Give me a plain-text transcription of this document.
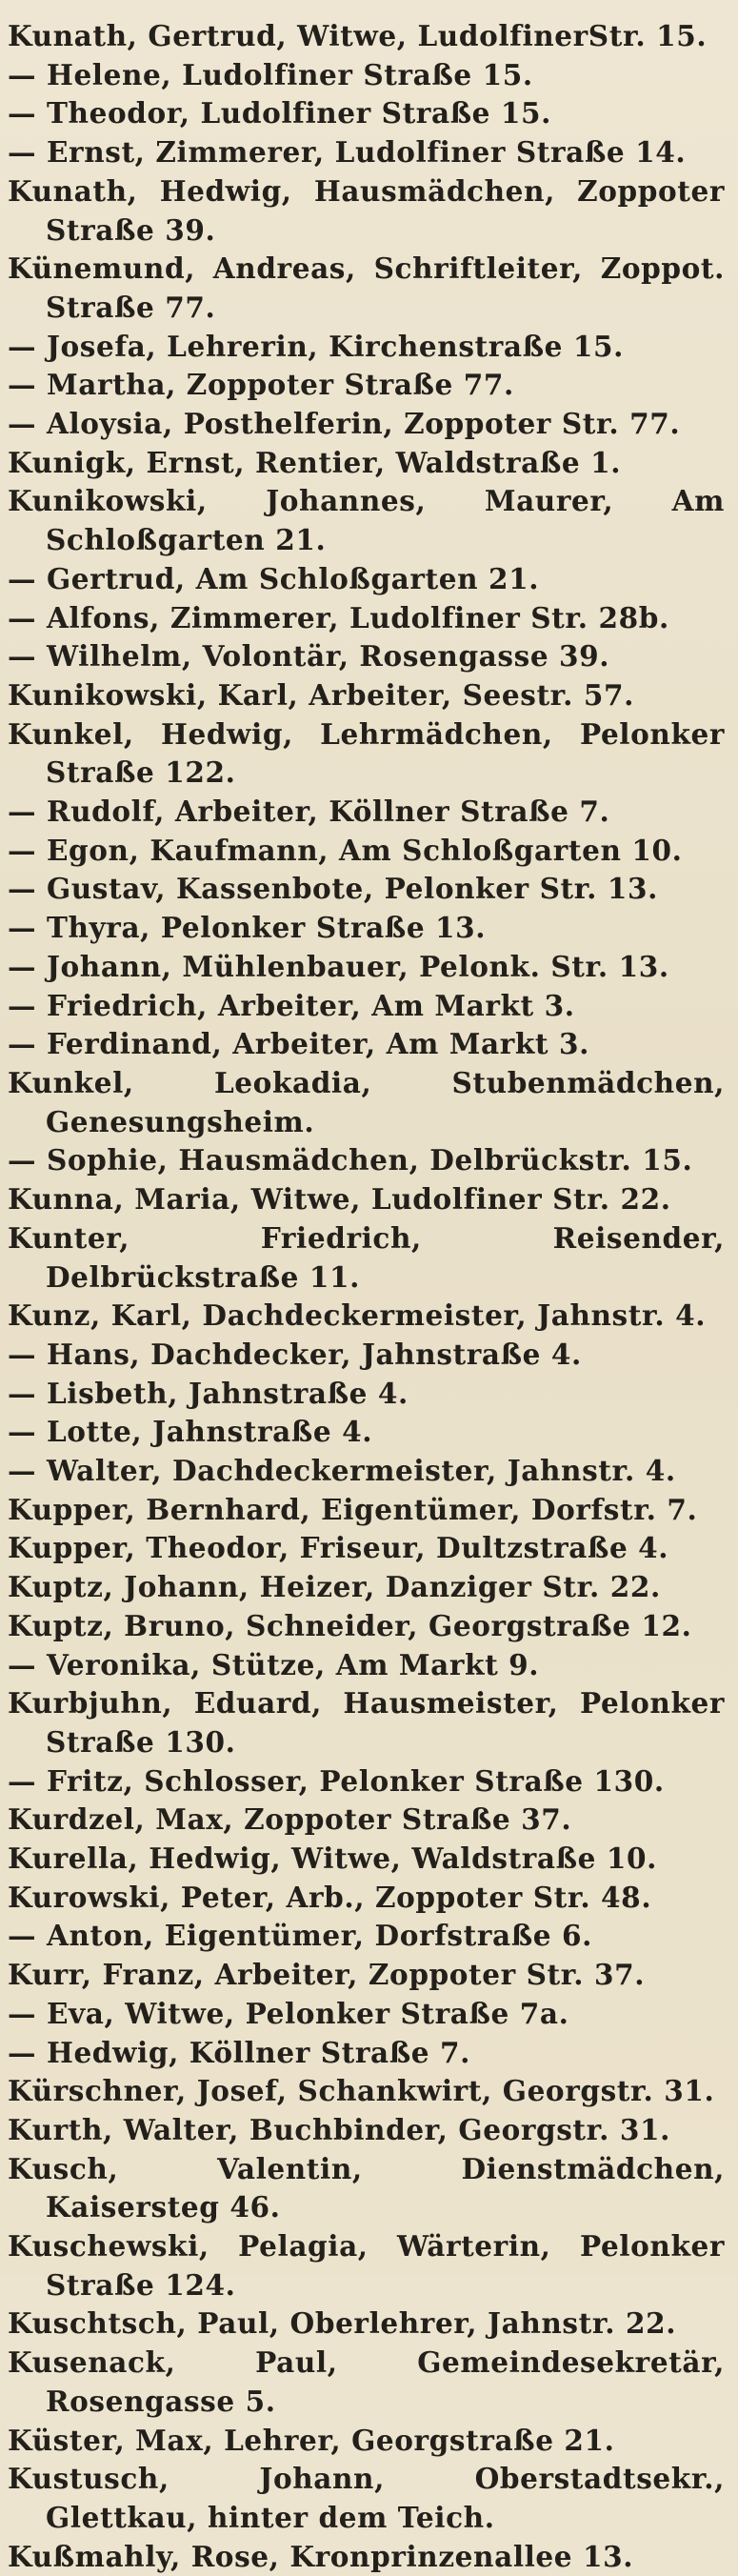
Kunath, Gertrud, Witwe, LudolfinerStr. 15.

— Helene, Ludolfiner Straße 15.

— Theodor, Ludolfiner Straße 15.

— Ernst, Zimmerer, Ludolfiner Straße 14.

Kunath, Hedwig, Hausmädchen, Zoppoter Straße 39.

Künemund, Andreas, Schriftleiter, Zoppot. Straße 77.

— Josefa, Lehrerin, Kirchenstraße 15.

— Martha, Zoppoter Straße 77.

— Aloysia, Posthelferin, Zoppoter Str. 77.

Kunigk, Ernst, Rentier, Waldstraße 1.

Kunikowski, Johannes, Maurer, Am Schloßgarten 21.

— Gertrud, Am Schloßgarten 21.

— Alfons, Zimmerer, Ludolfiner Str. 28b.

— Wilhelm, Volontär, Rosengasse 39.

Kunikowski, Karl, Arbeiter, Seestr. 57.

Kunkel, Hedwig, Lehrmädchen, Pelonker Straße 122.

— Rudolf, Arbeiter, Köllner Straße 7.

— Egon, Kaufmann, Am Schloßgarten 10.

— Gustav, Kassenbote, Pelonker Str. 13.

— Thyra, Pelonker Straße 13.

— Johann, Mühlenbauer, Pelonk. Str. 13.

— Friedrich, Arbeiter, Am Markt 3.

— Ferdinand, Arbeiter, Am Markt 3.

Kunkel, Leokadia, Stubenmädchen, Genesungsheim.

— Sophie, Hausmädchen, Delbrückstr. 15.

Kunna, Maria, Witwe, Ludolfiner Str. 22.

Kunter, Friedrich, Reisender, Delbrückstraße 11.

Kunz, Karl, Dachdeckermeister, Jahnstr. 4.

— Hans, Dachdecker, Jahnstraße 4.

— Lisbeth, Jahnstraße 4.

— Lotte, Jahnstraße 4.

— Walter, Dachdeckermeister, Jahnstr. 4.

Kupper, Bernhard, Eigentümer, Dorfstr. 7.

Kupper, Theodor, Friseur, Dultzstraße 4.

Kuptz, Johann, Heizer, Danziger Str. 22.

Kuptz, Bruno, Schneider, Georgstraße 12.

— Veronika, Stütze, Am Markt 9.

Kurbjuhn, Eduard, Hausmeister, Pelonker Straße 130.

— Fritz, Schlosser, Pelonker Straße 130.

Kurdzel, Max, Zoppoter Straße 37.

Kurella, Hedwig, Witwe, Waldstraße 10.

Kurowski, Peter, Arb., Zoppoter Str. 48.

— Anton, Eigentümer, Dorfstraße 6.

Kurr, Franz, Arbeiter, Zoppoter Str. 37.

— Eva, Witwe, Pelonker Straße 7a.

— Hedwig, Köllner Straße 7.

Kürschner, Josef, Schankwirt, Georgstr. 31.

Kurth, Walter, Buchbinder, Georgstr. 31.

Kusch, Valentin, Dienstmädchen, Kaisersteg 46.

Kuschewski, Pelagia, Wärterin, Pelonker Straße 124.

Kuschtsch, Paul, Oberlehrer, Jahnstr. 22.

Kusenack, Paul, Gemeindesekretär, Rosengasse 5.

Küster, Max, Lehrer, Georgstraße 21.

Kustusch, Johann, Oberstadtsekr., Glettkau, hinter dem Teich.

Kußmahly, Rose, Kronprinzenallee 13.
